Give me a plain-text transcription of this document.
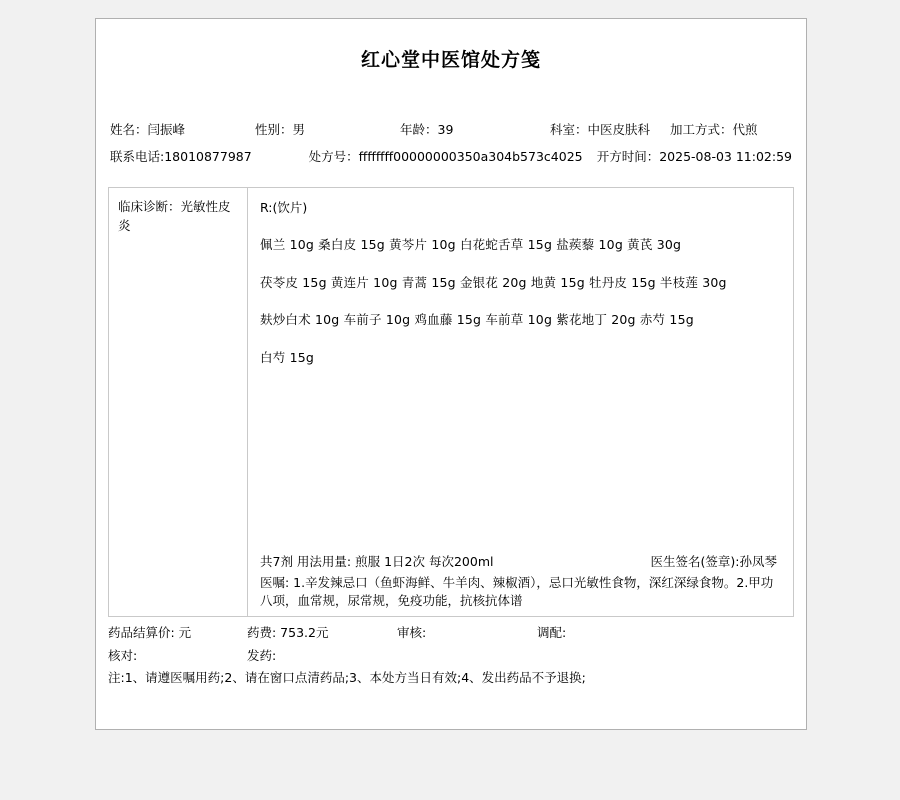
红心堂中医馆处方笺
姓名：闫振峰	性别：男	年龄：39	科室：中医皮肤科	加工方式：代煎
联系电话:18010877987	处方号：ffffffff00000000350a304b573c4025	开方时间：2025-08-03 11:02:59
临床诊断：光敏性皮炎
R:(饮片)
佩兰 10g 桑白皮 15g 黄芩片 10g 白花蛇舌草 15g 盐蒺藜 10g 黄芪 30g
茯苓皮 15g 黄连片 10g 青蒿 15g 金银花 20g 地黄 15g 牡丹皮 15g 半枝莲 30g
麸炒白术 10g 车前子 10g 鸡血藤 15g 车前草 10g 紫花地丁 20g 赤芍 15g
白芍 15g
共7剂 用法用量: 煎服 1日2次 每次200ml	医生签名(签章):孙凤琴
医嘱: 1.辛发辣忌口（鱼虾海鲜、牛羊肉、辣椒酒），忌口光敏性食物，深红深绿食物。2.甲功八项，血常规，尿常规，免疫功能，抗核抗体谱
药品结算价: 元	药费: 753.2元	审核:	调配:
核对:	发药:
注:1、请遵医嘱用药;2、请在窗口点清药品;3、本处方当日有效;4、发出药品不予退换;
